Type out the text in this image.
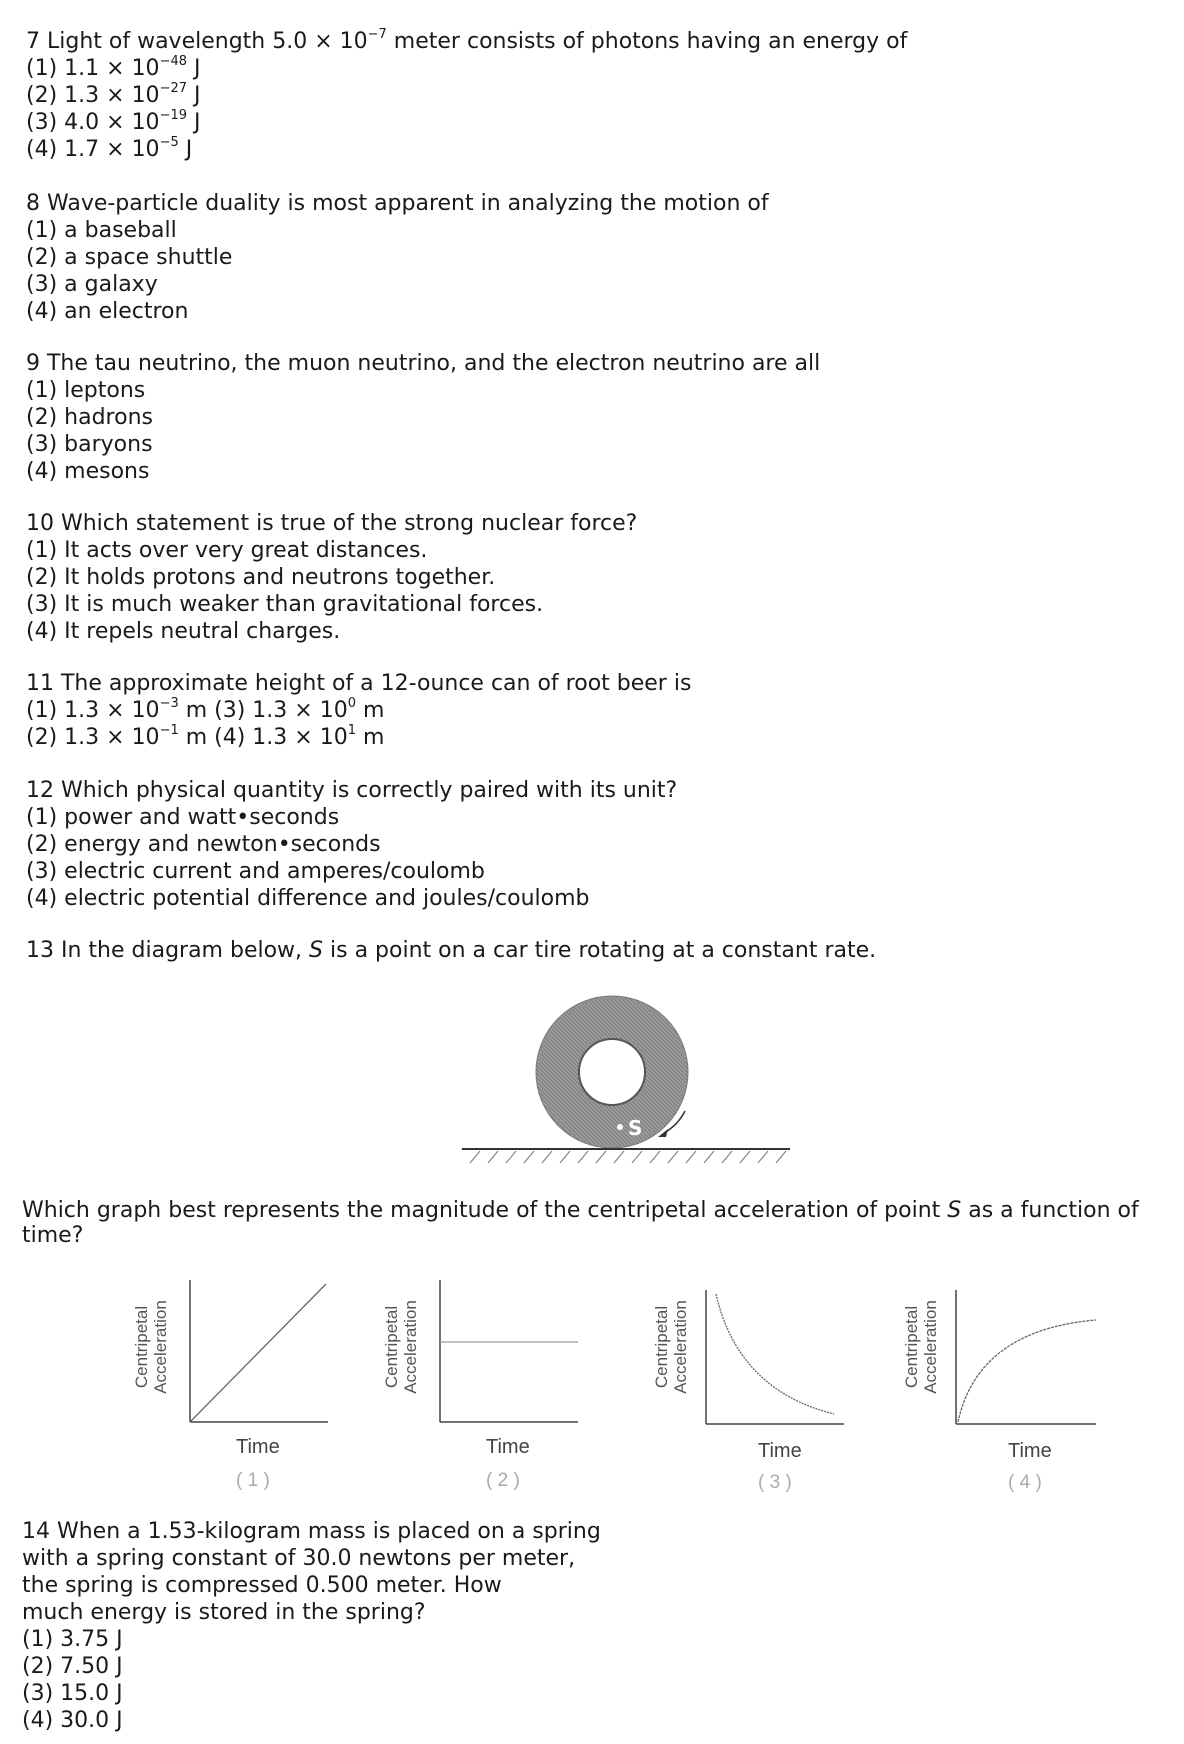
7 Light of wavelength $5.0 \times 10^{-7}$ meter consists of photons having an energy of
(1) $1.1 \times 10^{-48}$ J
(2) $1.3 \times 10^{-27}$ J
(3) $4.0 \times 10^{-19}$ J
(4) $1.7 \times 10^{-5}$ J
8 Wave-particle duality is most apparent in analyzing the motion of
(1) a baseball
(2) a space shuttle
(3) a galaxy
(4) an electron
9 The tau neutrino, the muon neutrino, and the electron neutrino are all
(1) leptons
(2) hadrons
(3) baryons
(4) mesons
10 Which statement is true of the strong nuclear force?
(1) It acts over very great distances.
(2) It holds protons and neutrons together.
(3) It is much weaker than gravitational forces.
(4) It repels neutral charges.
11 The approximate height of a 12-ounce can of root beer is
(1) $1.3 \times 10^{-3}$ m (3) $1.3 \times 10^0$ m
(2) $1.3 \times 10^{-1}$ m (4) $1.3 \times 10^1$ m
12 Which physical quantity is correctly paired with its unit?
(1) power and watt•seconds
(2) energy and newton•seconds
(3) electric current and amperes/coulomb
(4) electric potential difference and joules/coulomb
13 In the diagram below, S is a point on a car tire rotating at a constant rate.
S
Which graph best represents the magnitude of the centripetal acceleration of point S as a function of time?
Centripetal
Acceleration
Time
( 1 )
Centripetal
Acceleration
Time
( 2 )
Centripetal
Acceleration
Time
( 3 )
Centripetal
Acceleration
Time
( 4 )
14 When a 1.53-kilogram mass is placed on a spring
with a spring constant of 30.0 newtons per meter,
the spring is compressed 0.500 meter. How
much energy is stored in the spring?
(1) 3.75 J
(2) 7.50 J
(3) 15.0 J
(4) 30.0 J
